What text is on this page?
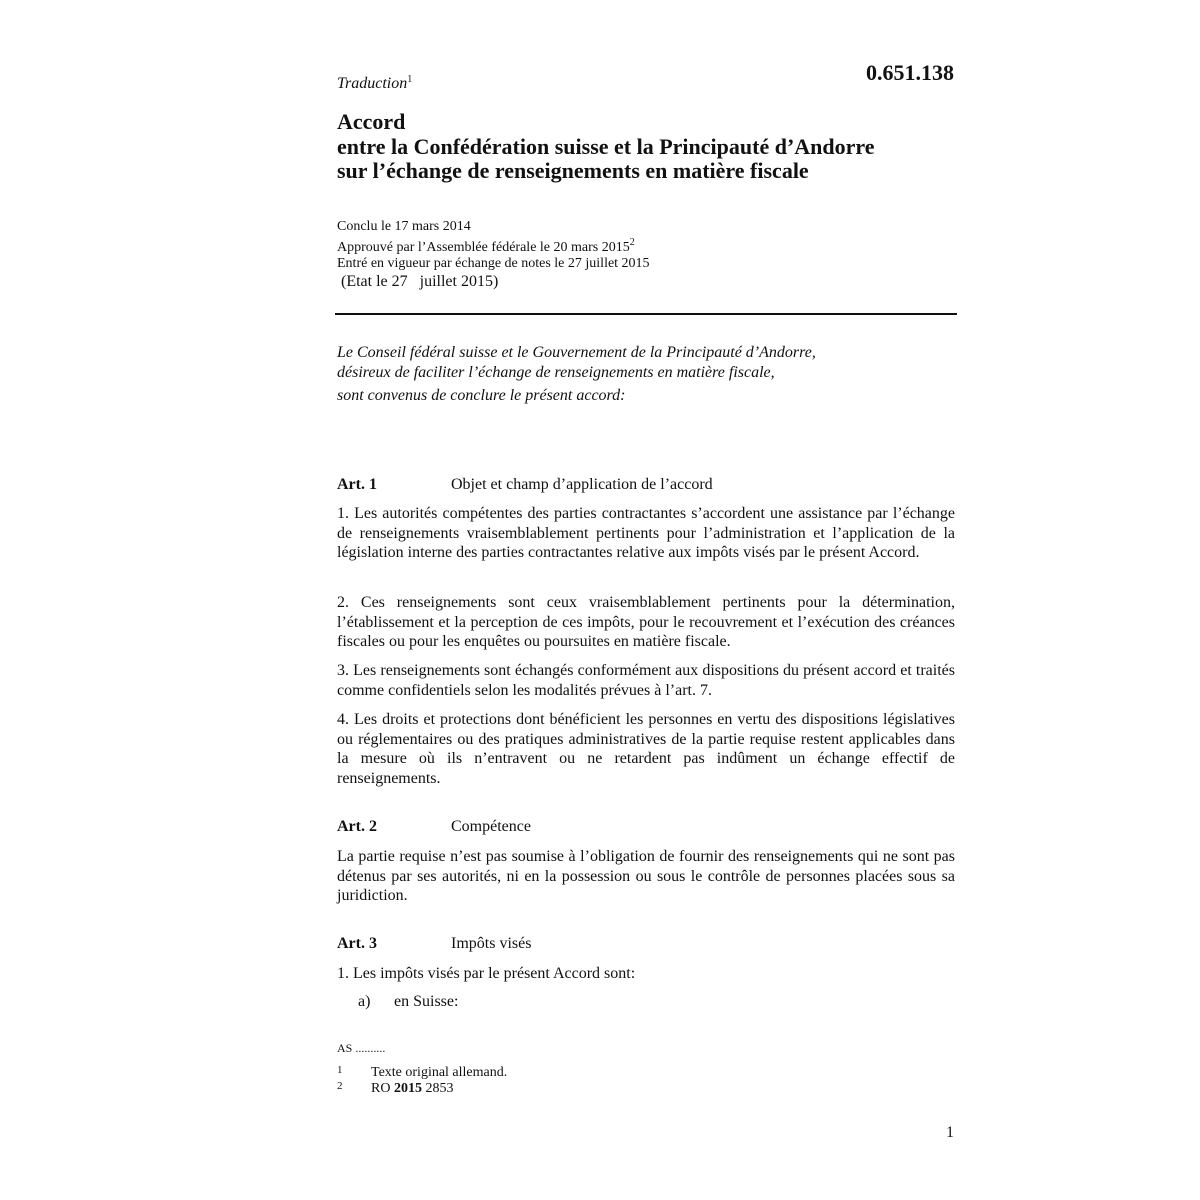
0.651.138
Traduction$^1$
Accord
entre la Confédération suisse et la Principauté d’Andorre
sur l’échange de renseignements en matière fiscale
Conclu le 17 mars 2014
Approuvé par l’Assemblée fédérale le 20 mars 2015$^2$
Entré en vigueur par échange de notes le 27 juillet 2015
(Etat le 27   juillet 2015)
Le Conseil fédéral suisse et le Gouvernement de la Principauté d’Andorre,
désireux de faciliter l’échange de renseignements en matière fiscale,
sont convenus de conclure le présent accord:
Art. 1	Objet et champ d’application de l’accord

1. Les autorités compétentes des parties contractantes s’accordent une assistance par l’échange de renseignements vraisemblablement pertinents pour l’administration et l’application de la législation interne des parties contractantes relative aux impôts visés par le présent Accord.

2. Ces renseignements sont ceux vraisemblablement pertinents pour la détermination, l’établissement et la perception de ces impôts, pour le recouvrement et l’exécution des créances fiscales ou pour les enquêtes ou poursuites en matière fiscale.

3. Les renseignements sont échangés conformément aux dispositions du présent accord et traités comme confidentiels selon les modalités prévues à l’art. 7.

4. Les droits et protections dont bénéficient les personnes en vertu des dispositions législatives ou réglementaires ou des pratiques administratives de la partie requise restent applicables dans la mesure où ils n’entravent ou ne retardent pas indûment un échange effectif de renseignements.

Art. 2	Compétence

La partie requise n’est pas soumise à l’obligation de fournir des renseignements qui ne sont pas détenus par ses autorités, ni en la possession ou sous le contrôle de personnes placées sous sa juridiction.

Art. 3	Impôts visés

1. Les impôts visés par le présent Accord sont:

a) en Suisse:
AS ..........
1 Texte original allemand.
2 RO 2015 2853
1
